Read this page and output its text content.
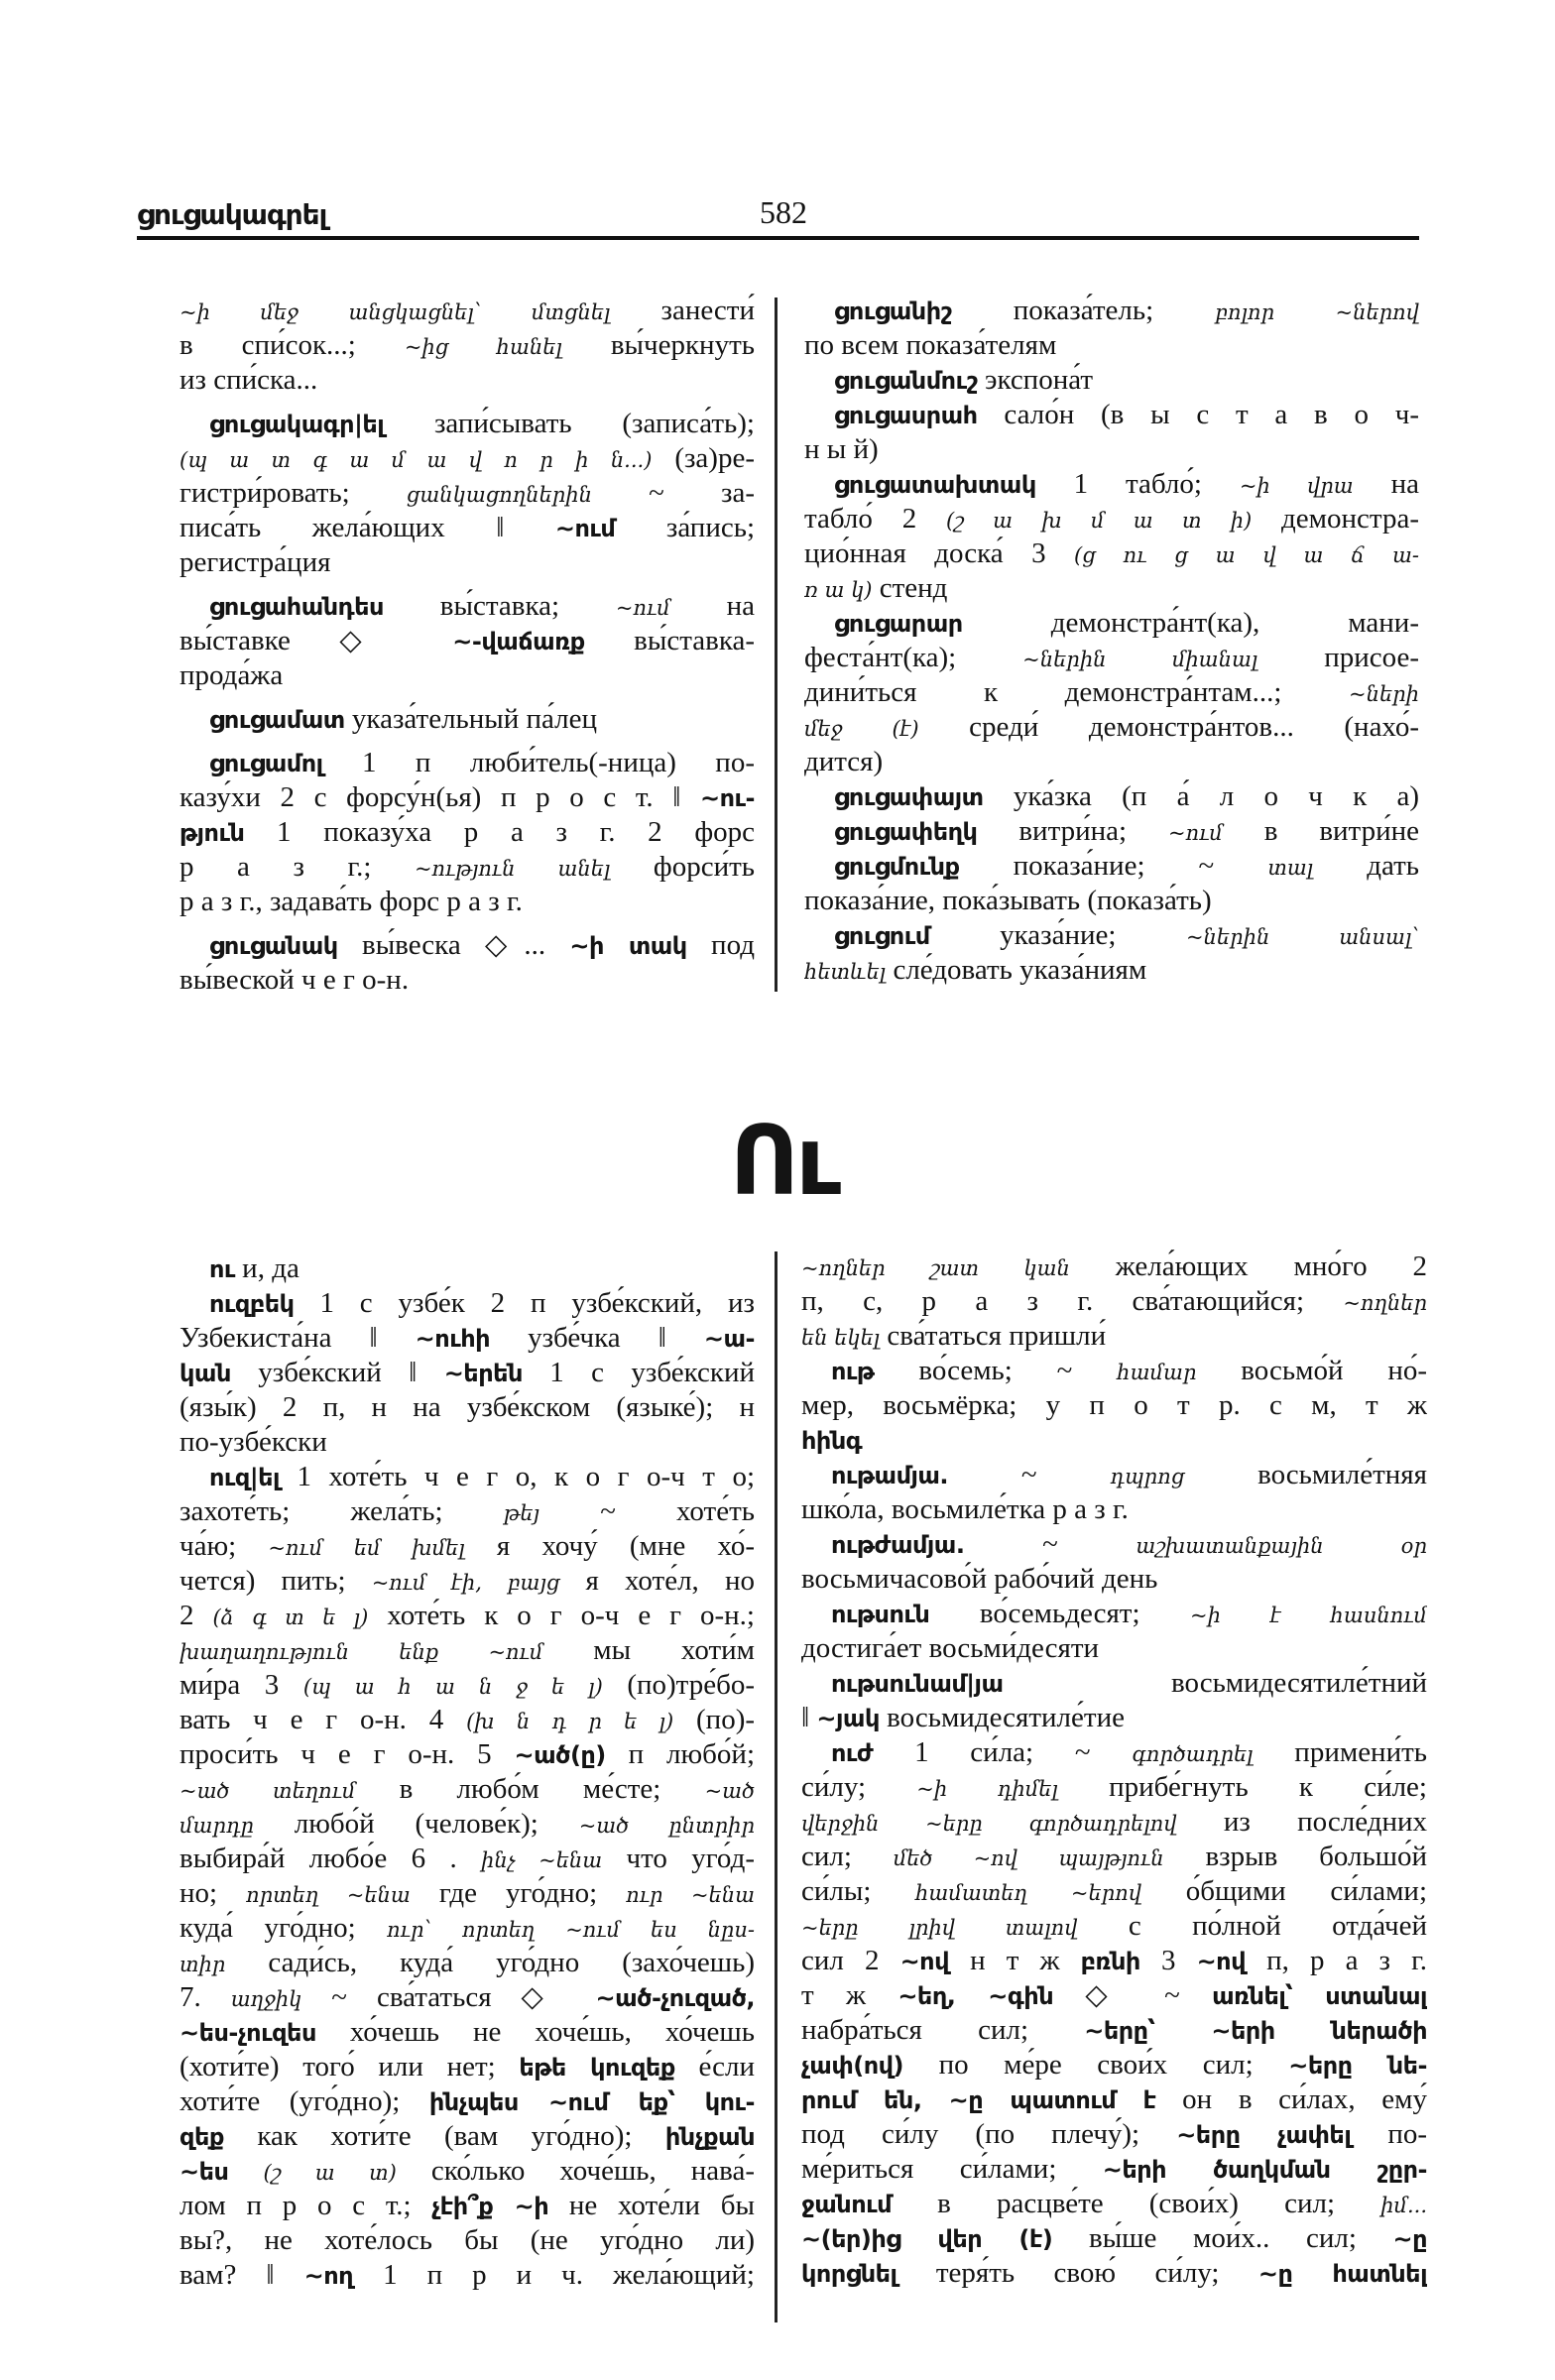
ցուցակագրել	582
~ի մեջ անցկացնել՝ մտցնել занести́
в спи́сок...; ~ից հանել вы́черкнуть
из спи́ска...
ցուցակագր|ել запи́сывать (записа́ть);
(պ ա տ գ ա մ ա վ ո ր ի ն...) (за)ре-
гистри́ровать; ցանկացողներին ~ за-
писа́ть жела́ющих ‖ ~ում за́пись;
регистра́ция
ցուցահանդես вы́ставка; ~ում на
вы́ставке ◇ ~-վաճառք вы́ставка-
прода́жа
ցուցամատ указа́тельный па́лец
ցուցամոլ 1 п люби́тель(-ница) по-
казу́хи 2 с форсу́н(ья) п р о с т. ‖ ~ու-
թյուն 1 показу́ха р а з г. 2 форс
р а з г.; ~ություն անել форси́ть
р а з г., задава́ть форс р а з г.
ցուցանակ вы́веска ◇... ~ի տակ под
вы́веской ч е г о-н.
ցուցանիշ показа́тель; բոլոր ~ներով
по всем показа́телям
ցուցանմուշ экспона́т
ցուցասրահ сало́н (в ы с т а в о ч-
н ы й)
ցուցատախտակ 1 табло́; ~ի վրա на
табло́ 2 (շ ա խ մ ա տ ի) демонстра-
цио́нная доска́ 3 (ց ու ց ա վ ա ճ ա-
ռ ա կ) стенд
ցուցարար демонстра́нт(ка), мани-
феста́нт(ка); ~ներին միանալ присое-
дини́ться к демонстра́нтам...; ~ների
մեջ (է) среди́ демонстра́нтов... (нахо́-
дится)
ցուցափայտ ука́зка (п а́ л о ч к а)
ցուցափեղկ витри́на; ~ում в витри́не
ցուցմունք показа́ние; ~ տալ дать
показа́ние, пока́зывать (показа́ть)
ցուցում указа́ние; ~ներին անսալ՝
հետևել сле́довать указа́ниям
Ու
ու и, да
ուզբեկ 1 с узбе́к 2 п узбе́кский, из
Узбекиста́на ‖ ~ուհի узбе́чка ‖ ~ա-
կան узбе́кский ‖ ~երեն 1 с узбе́кский
(язы́к) 2 п, н на узбе́кском (языке́); н
по-узбе́кски
ուզ|ել 1 хоте́ть ч е г о, к о г о-ч т о;
захоте́ть; жела́ть; թեյ ~ хоте́ть
ча́ю; ~ում եմ խմել я хочу́ (мне хо́-
чется) пить; ~ում էի, բայց я хоте́л, но
2 (ձ գ տ ե լ) хоте́ть к о г о-ч е г о-н.;
խաղաղություն ենք ~ում мы хоти́м
ми́ра 3 (պ ա հ ա ն ջ ե լ) (по)тре́бо-
вать ч е г о-н. 4 (խ ն դ ր ե լ) (по)-
проси́ть ч е г о-н. 5 ~ած(ը) п любо́й;
~ած տեղում в любо́м ме́сте; ~ած
մարդը любо́й (челове́к); ~ած ընտրիր
выбира́й любо́е 6 . ինչ ~ենա что уго́д-
но; որտեղ ~ենա где уго́дно; ուր ~ենա
куда́ уго́дно; ուր՝ որտեղ ~ում ես նըս-
տիր сади́сь, куда́ уго́дно (захо́чешь)
7. աղջիկ ~ сва́таться ◇ ~ած-չուզած,
~ես-չուզես хо́чешь не хоче́шь, хо́чешь
(хоти́те) того́ или нет; եթե կուզեք е́сли
хоти́те (уго́дно); ինչպես ~ում եք՝ կու-
զեք как хоти́те (вам уго́дно); ինչքան
~ես (շ ա տ) ско́лько хоче́шь, нава́-
лом п р о с т.; չէի՞ք ~ի не хоте́ли бы
вы?, не хоте́лось бы (не уго́дно ли)
вам? ‖ ~ող 1 п р и ч. жела́ющий;
~ողներ շատ կան жела́ющих мно́го 2
п, с, р а з г. сва́тающийся; ~ողներ
են եկել сва́таться пришли́
ութ во́семь; ~ համար восьмо́й но́-
мер, восьмёрка; у п о т р. с м, т ж
հինգ
ութամյա. ~ դպրոց восьмиле́тняя
шко́ла, восьмиле́тка р а з г.
ութժամյա. ~ աշխատանքային օր
восьмичасово́й рабо́чий день
ութսուն во́семьдесят; ~ի է հասնում
достига́ет восьми́десяти
ութսունամ|յա восьмидесятиле́тний
‖ ~յակ восьмидесятиле́тие
ուժ 1 си́ла; ~ գործադրել примени́ть
си́лу; ~ի դիմել прибе́гнуть к си́ле;
վերջին ~երը գործադրելով из после́дних
сил; մեծ ~ով պայթյուն взрыв большо́й
си́лы; համատեղ ~երով о́бщими си́лами;
~երը լրիվ տալով с по́лной отда́чей
сил 2 ~ով н т ж բռնի 3 ~ով п, р а з г.
т ж ~եղ, ~գին ◇ ~ առնել՝ ստանալ
набра́ться сил; ~երը՝ ~երի ներածի
չափ(ով) по ме́ре свои́х сил; ~երը նե-
րում են, ~ը պատում է он в си́лах, ему́
под си́лу (по плечу́); ~երը չափել по-
ме́риться си́лами; ~երի ծաղկման շըր-
ջանում в расцве́те (свои́х) сил; իմ...
~(եր)ից վեր (է) вы́ше мои́х.. сил; ~ը
կորցնել теря́ть свою́ си́лу; ~ը հատնել
